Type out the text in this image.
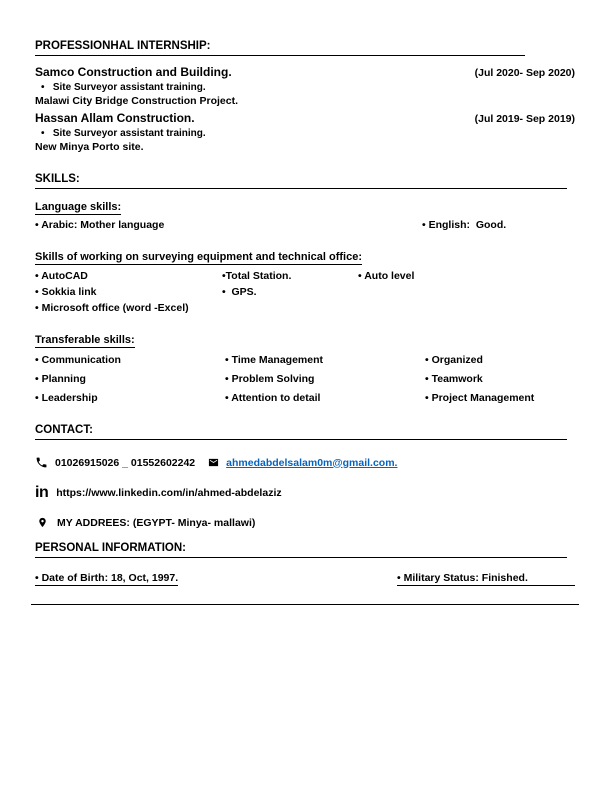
PROFESSIONHAL INTERNSHIP:
Samco Construction and Building.	(Jul 2020- Sep 2020)
•   Site Surveyor assistant training.
Malawi City Bridge Construction Project.
Hassan Allam Construction.	(Jul 2019- Sep 2019)
•   Site Surveyor assistant training.
New Minya Porto site.
SKILLS:
Language skills:
• Arabic: Mother language	• English:  Good.
Skills of working on surveying equipment and technical office:
• AutoCAD	•Total Station.	• Auto level
• Sokkia link	•  GPS.
• Microsoft office (word -Excel)
Transferable skills:
• Communication	• Time Management	• Organized
• Planning	• Problem Solving	• Teamwork
• Leadership	• Attention to detail	• Project Management
CONTACT:
01026915026 _ 01552602242	ahmedabdelsalam0m@gmail.com.
in https://www.linkedin.com/in/ahmed-abdelaziz
MY ADDREES: (EGYPT- Minya- mallawi)
PERSONAL INFORMATION:
• Date of Birth: 18, Oct, 1997.	• Military Status: Finished.
